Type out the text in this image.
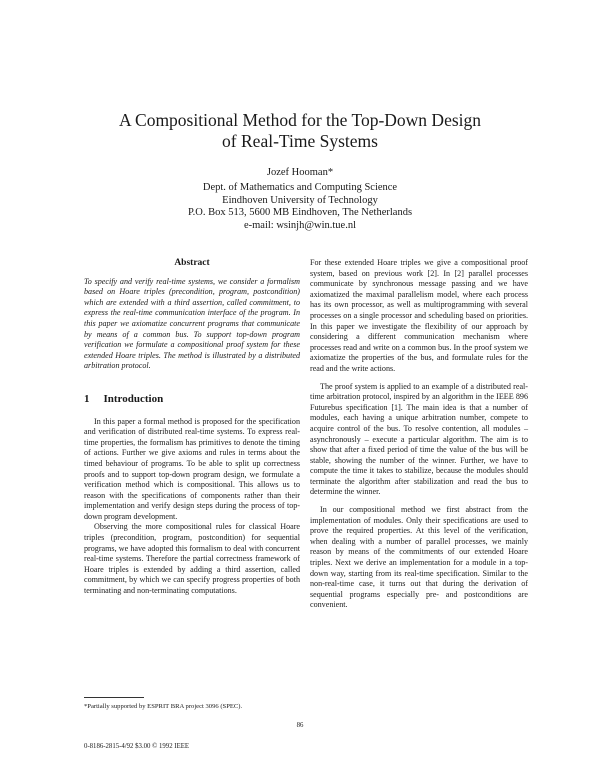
A Compositional Method for the Top-Down Design
of Real-Time Systems
Jozef Hooman*
Dept. of Mathematics and Computing Science
Eindhoven University of Technology
P.O. Box 513, 5600 MB Eindhoven, The Netherlands
e-mail: wsinjh@win.tue.nl
Abstract

To specify and verify real-time systems, we consider a formalism based on Hoare triples (precondition, program, postcondition) which are extended with a third assertion, called commitment, to express the real-time communication interface of the program. In this paper we axiomatize concurrent programs that communicate by means of a common bus. To support top-down program verification we formulate a compositional proof system for these extended Hoare triples. The method is illustrated by a distributed arbitration protocol.

1 Introduction

In this paper a formal method is proposed for the specification and verification of distributed real-time systems. To express real-time properties, the formalism has primitives to denote the timing of actions. Further we give axioms and rules in terms about the timed behaviour of programs. To be able to split up correctness proofs and to support top-down program design, we formulate a verification method which is compositional. This allows us to reason with the specifications of components rather than their implementation and verify design steps during the process of top-down program development.

Observing the more compositional rules for classical Hoare triples (precondition, program, postcondition) for sequential programs, we have adopted this formalism to deal with concurrent real-time systems. Therefore the partial correctness framework of Hoare triples is extended by adding a third assertion, called commitment, by which we can specify progress properties of both terminating and non-terminating computations.

For these extended Hoare triples we give a compositional proof system, based on previous work [2]. In [2] parallel processes communicate by synchronous message passing and we have axiomatized the maximal parallelism model, where each process has its own processor, as well as multiprogramming with several processes on a single processor and scheduling based on priorities. In this paper we investigate the flexibility of our approach by considering a different communication mechanism where processes read and write on a common bus. In the proof system we axiomatize the properties of the bus, and formulate rules for the read and the write actions.

The proof system is applied to an example of a distributed real-time arbitration protocol, inspired by an algorithm in the IEEE 896 Futurebus specification [1]. The main idea is that a number of modules, each having a unique arbitration number, compete to acquire control of the bus. To resolve contention, all modules – asynchronously – execute a particular algorithm. The aim is to show that after a fixed period of time the value of the bus will be stable, showing the number of the winner. Further, we have to compute the time it takes to stabilize, because the modules should terminate the algorithm after stabilization and read the bus to determine the winner.

In our compositional method we first abstract from the implementation of modules. Only their specifications are used to prove the required properties. At this level of the verification, when dealing with a number of parallel processes, we mainly reason by means of the commitments of our extended Hoare triples. Next we derive an implementation for a module in a top-down way, starting from its real-time specification. Similar to the non-real-time case, it turns out that during the derivation of sequential programs especially pre- and postconditions are convenient.

*Partially supported by ESPRIT BRA project 3096 (SPEC).
86
0-8186-2815-4/92 $3.00 © 1992 IEEE
